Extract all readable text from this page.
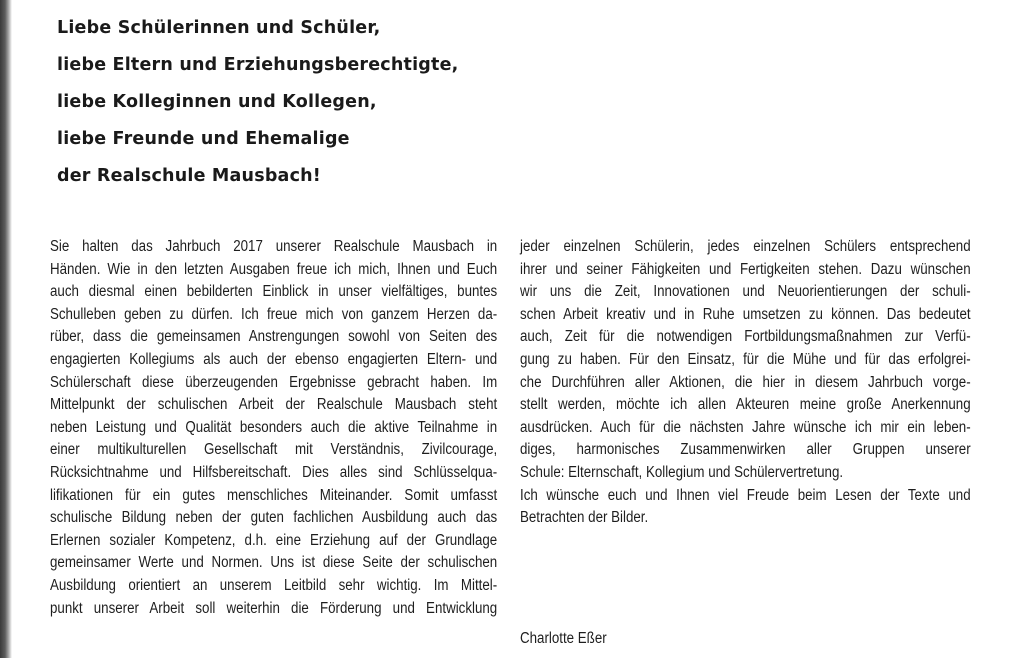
Liebe Schülerinnen und Schüler,
liebe Eltern und Erziehungsberechtigte,
liebe Kolleginnen und Kollegen,
liebe Freunde und Ehemalige
der Realschule Mausbach!

Sie halten das Jahrbuch 2017 unserer Realschule Mausbach in
Händen. Wie in den letzten Ausgaben freue ich mich, Ihnen und Euch
auch diesmal einen bebilderten Einblick in unser vielfältiges, buntes
Schulleben geben zu dürfen. Ich freue mich von ganzem Herzen da-
rüber, dass die gemeinsamen Anstrengungen sowohl von Seiten des
engagierten Kollegiums als auch der ebenso engagierten Eltern- und
Schülerschaft diese überzeugenden Ergebnisse gebracht haben. Im
Mittelpunkt der schulischen Arbeit der Realschule Mausbach steht
neben Leistung und Qualität besonders auch die aktive Teilnahme in
einer multikulturellen Gesellschaft mit Verständnis, Zivilcourage,
Rücksichtnahme und Hilfsbereitschaft. Dies alles sind Schlüsselqua-
lifikationen für ein gutes menschliches Miteinander. Somit umfasst
schulische Bildung neben der guten fachlichen Ausbildung auch das
Erlernen sozialer Kompetenz, d.h. eine Erziehung auf der Grundlage
gemeinsamer Werte und Normen. Uns ist diese Seite der schulischen
Ausbildung orientiert an unserem Leitbild sehr wichtig. Im Mittel-
punkt unserer Arbeit soll weiterhin die Förderung und Entwicklung

jeder einzelnen Schülerin, jedes einzelnen Schülers entsprechend
ihrer und seiner Fähigkeiten und Fertigkeiten stehen. Dazu wünschen
wir uns die Zeit, Innovationen und Neuorientierungen der schuli-
schen Arbeit kreativ und in Ruhe umsetzen zu können. Das bedeutet
auch, Zeit für die notwendigen Fortbildungsmaßnahmen zur Verfü-
gung zu haben. Für den Einsatz, für die Mühe und für das erfolgrei-
che Durchführen aller Aktionen, die hier in diesem Jahrbuch vorge-
stellt werden, möchte ich allen Akteuren meine große Anerkennung
ausdrücken. Auch für die nächsten Jahre wünsche ich mir ein leben-
diges, harmonisches Zusammenwirken aller Gruppen unserer
Schule: Elternschaft, Kollegium und Schülervertretung.
Ich wünsche euch und Ihnen viel Freude beim Lesen der Texte und
Betrachten der Bilder.

Charlotte Eßer
